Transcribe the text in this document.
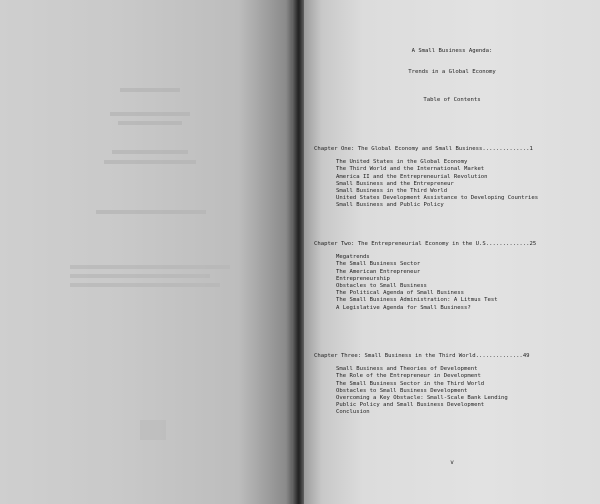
A Small Business Agenda:
Trends in a Global Economy
Table of Contents
Chapter One: The Global Economy and Small Business..............1
The United States in the Global Economy
The Third World and the International Market
America II and the Entrepreneurial Revolution
Small Business and the Entrepreneur
Small Business in the Third World
United States Development Assistance to Developing Countries
Small Business and Public Policy
Chapter Two: The Entrepreneurial Economy in the U.S.............25
Megatrends
The Small Business Sector
The American Entrepreneur
Entrepreneurship
Obstacles to Small Business
The Political Agenda of Small Business
The Small Business Administration: A Litmus Test
A Legislative Agenda for Small Business?
Chapter Three: Small Business in the Third World..............49
Small Business and Theories of Development
The Role of the Entrepreneur in Development
The Small Business Sector in the Third World
Obstacles to Small Business Development
Overcoming a Key Obstacle: Small-Scale Bank Lending
Public Policy and Small Business Development
Conclusion
v
